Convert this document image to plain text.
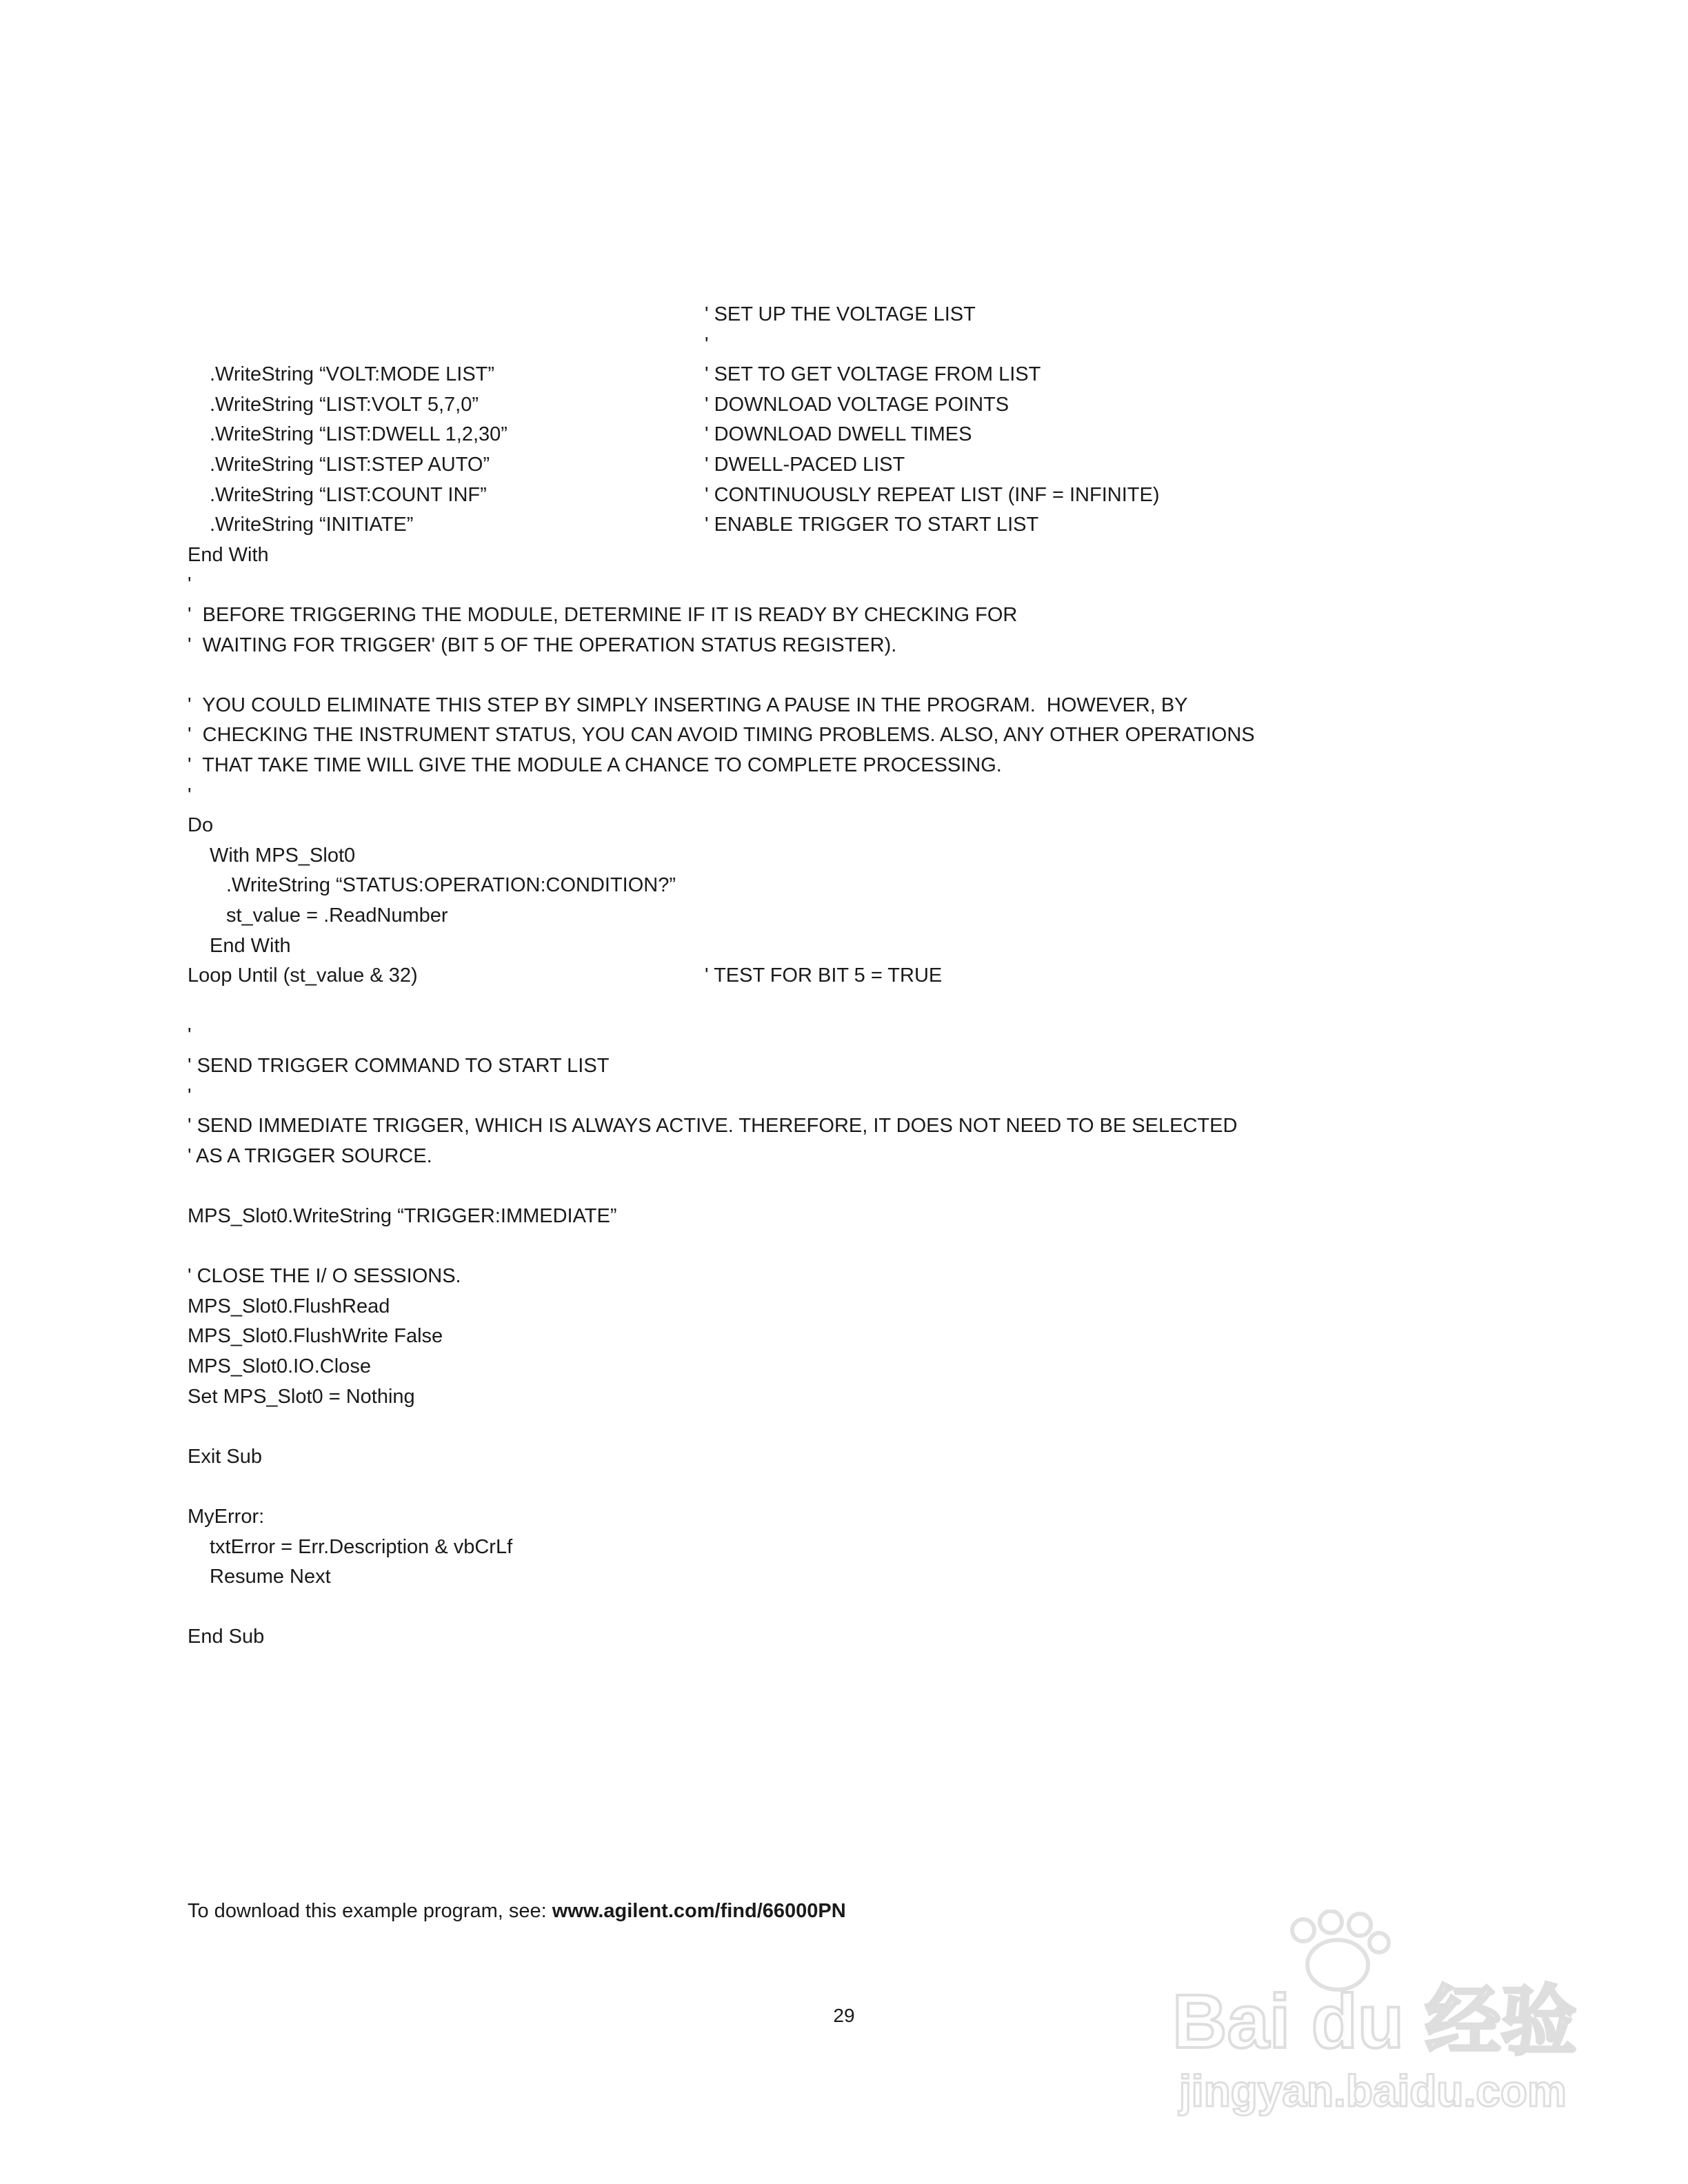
' SET UP THE VOLTAGE LIST
'
.WriteString “VOLT:MODE LIST”	' SET TO GET VOLTAGE FROM LIST
.WriteString “LIST:VOLT 5,7,0”	' DOWNLOAD VOLTAGE POINTS
.WriteString “LIST:DWELL 1,2,30”	' DOWNLOAD DWELL TIMES
.WriteString “LIST:STEP AUTO”	' DWELL-PACED LIST
.WriteString “LIST:COUNT INF”	' CONTINUOUSLY REPEAT LIST (INF = INFINITE)
.WriteString “INITIATE”	' ENABLE TRIGGER TO START LIST
End With
'
'  BEFORE TRIGGERING THE MODULE, DETERMINE IF IT IS READY BY CHECKING FOR
'  WAITING FOR TRIGGER' (BIT 5 OF THE OPERATION STATUS REGISTER).
'  YOU COULD ELIMINATE THIS STEP BY SIMPLY INSERTING A PAUSE IN THE PROGRAM.  HOWEVER, BY
'  CHECKING THE INSTRUMENT STATUS, YOU CAN AVOID TIMING PROBLEMS. ALSO, ANY OTHER OPERATIONS
'  THAT TAKE TIME WILL GIVE THE MODULE A CHANCE TO COMPLETE PROCESSING.
'
Do
With MPS_Slot0
.WriteString “STATUS:OPERATION:CONDITION?”
st_value = .ReadNumber
End With
Loop Until (st_value & 32)	' TEST FOR BIT 5 = TRUE
'
' SEND TRIGGER COMMAND TO START LIST
'
' SEND IMMEDIATE TRIGGER, WHICH IS ALWAYS ACTIVE. THEREFORE, IT DOES NOT NEED TO BE SELECTED
' AS A TRIGGER SOURCE.
MPS_Slot0.WriteString “TRIGGER:IMMEDIATE”
' CLOSE THE I/ O SESSIONS.
MPS_Slot0.FlushRead
MPS_Slot0.FlushWrite False
MPS_Slot0.IO.Close
Set MPS_Slot0 = Nothing
Exit Sub
MyError:
txtError = Err.Description & vbCrLf
Resume Next
End Sub
To download this example program, see: www.agilent.com/find/66000PN
29	Bai du 经验
jingyan.baidu.com
